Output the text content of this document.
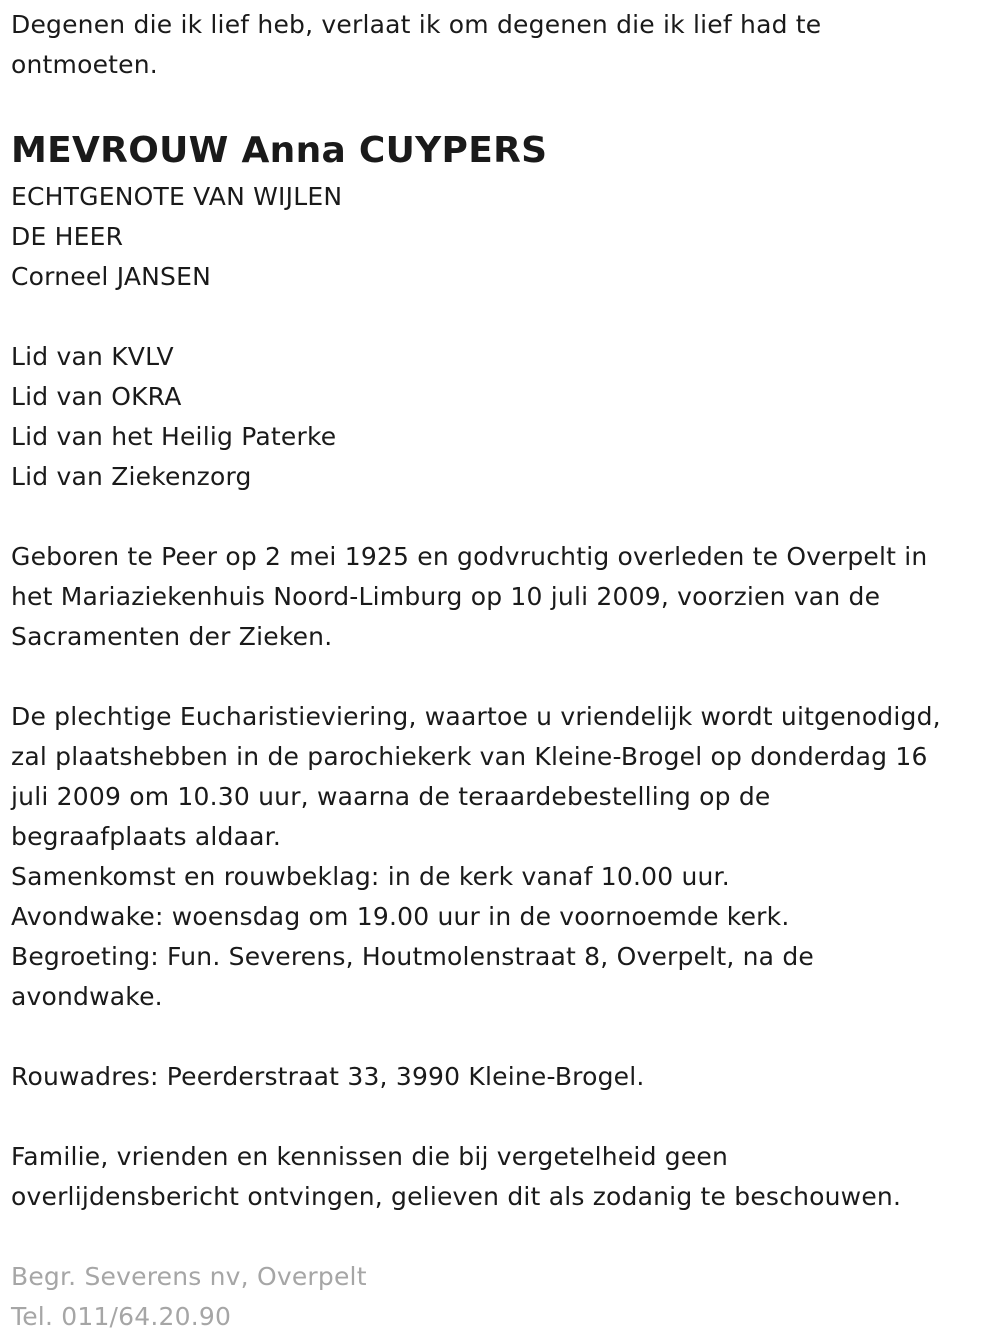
Degenen die ik lief heb, verlaat ik om degenen die ik lief had te
ontmoeten.
MEVROUW Anna CUYPERS
ECHTGENOTE VAN WIJLEN
DE HEER
Corneel JANSEN
Lid van KVLV
Lid van OKRA
Lid van het Heilig Paterke
Lid van Ziekenzorg
Geboren te Peer op 2 mei 1925 en godvruchtig overleden te Overpelt in
het Mariaziekenhuis Noord-Limburg op 10 juli 2009, voorzien van de
Sacramenten der Zieken.
De plechtige Eucharistieviering, waartoe u vriendelijk wordt uitgenodigd,
zal plaatshebben in de parochiekerk van Kleine-Brogel op donderdag 16
juli 2009 om 10.30 uur, waarna de teraardebestelling op de
begraafplaats aldaar.
Samenkomst en rouwbeklag: in de kerk vanaf 10.00 uur.
Avondwake: woensdag om 19.00 uur in de voornoemde kerk.
Begroeting: Fun. Severens, Houtmolenstraat 8, Overpelt, na de
avondwake.
Rouwadres: Peerderstraat 33, 3990 Kleine-Brogel.
Familie, vrienden en kennissen die bij vergetelheid geen
overlijdensbericht ontvingen, gelieven dit als zodanig te beschouwen.
Begr. Severens nv, Overpelt
Tel. 011/64.20.90
